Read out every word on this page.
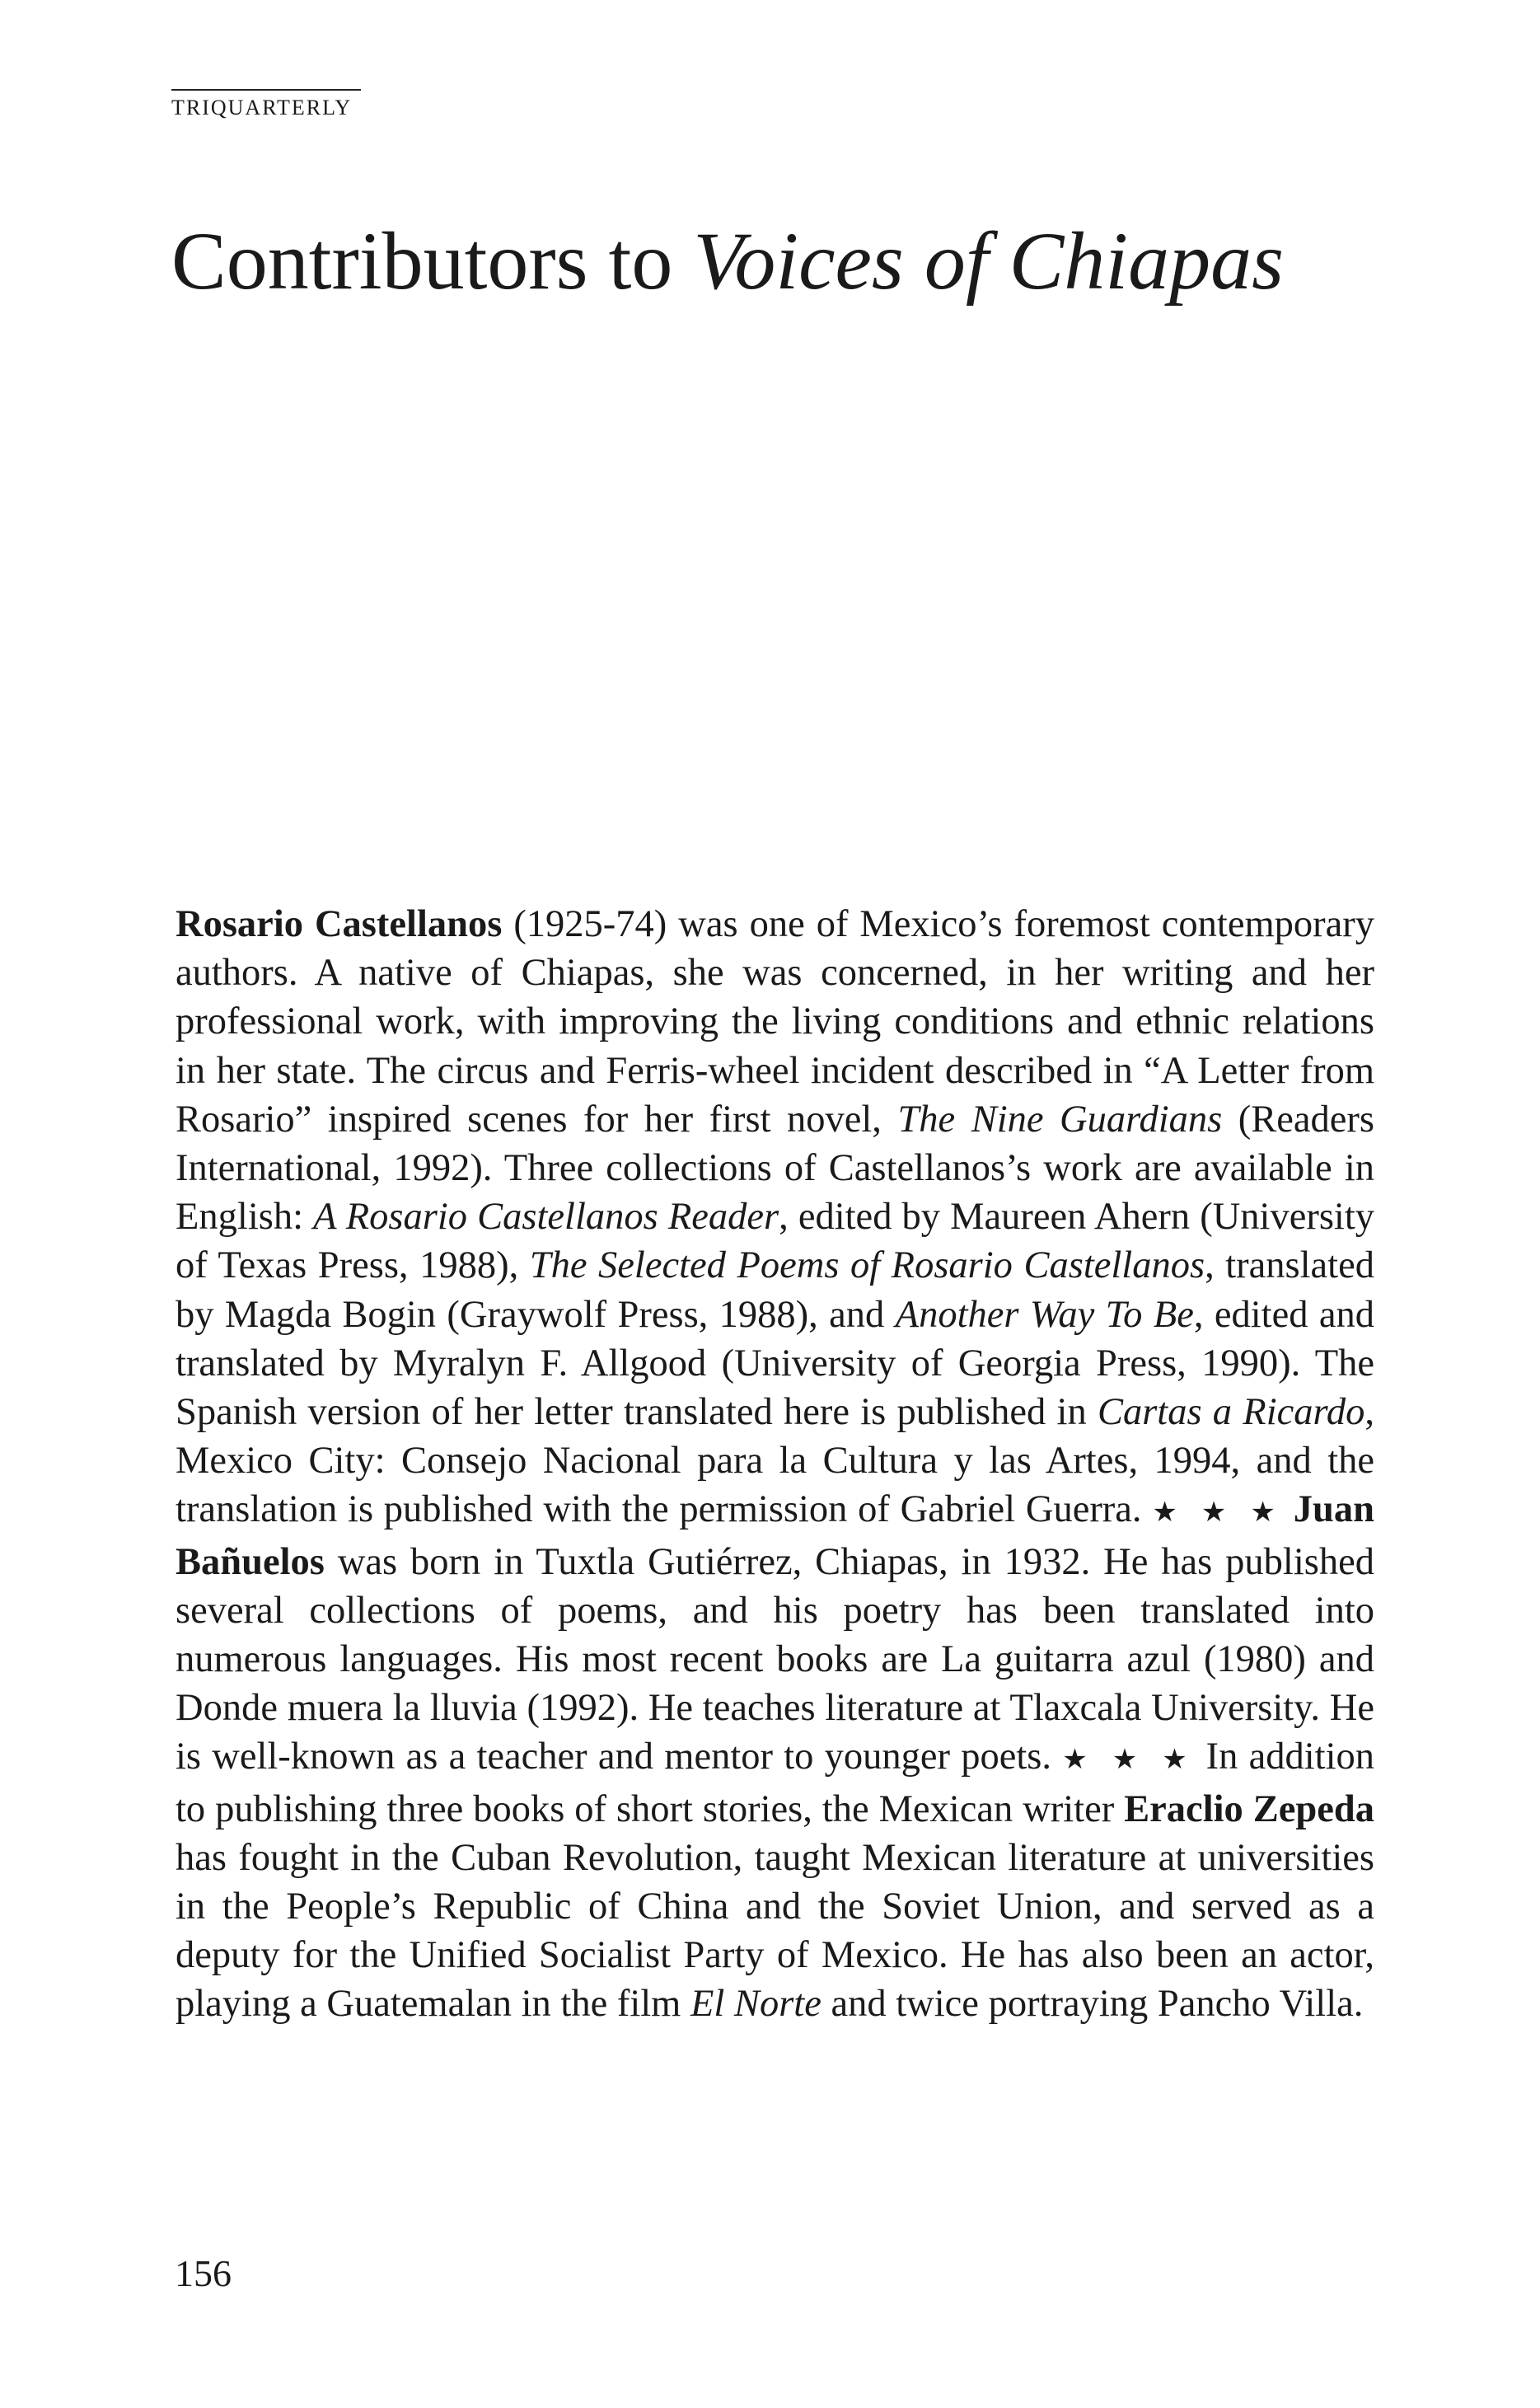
TRIQUARTERLY
Contributors to Voices of Chiapas

Rosario Castellanos (1925-74) was one of Mexico’s foremost contemporary authors. A native of Chiapas, she was concerned, in her writing and her professional work, with improving the living conditions and ethnic relations in her state. The circus and Ferris-wheel incident described in “A Letter from Rosario” inspired scenes for her first novel, The Nine Guardians (Readers International, 1992). Three collections of Castellanos’s work are available in English: A Rosario Castellanos Reader, edited by Maureen Ahern (University of Texas Press, 1988), The Selected Poems of Rosario Castellanos, translated by Magda Bogin (Graywolf Press, 1988), and Another Way To Be, edited and translated by Myralyn F. Allgood (University of Georgia Press, 1990). The Spanish version of her letter translated here is published in Cartas a Ricardo, Mexico City: Consejo Nacional para la Cultura y las Artes, 1994, and the translation is published with the permission of Gabriel Guerra. ★ ★ ★ Juan Bañuelos was born in Tuxtla Gutiérrez, Chiapas, in 1932. He has published several collections of poems, and his poetry has been translated into numerous languages. His most recent books are La guitarra azul (1980) and Donde muera la lluvia (1992). He teaches literature at Tlaxcala University. He is well-known as a teacher and mentor to younger poets. ★ ★ ★ In addition to publishing three books of short stories, the Mexican writer Eraclio Zepeda has fought in the Cuban Revolution, taught Mexican literature at universities in the People’s Republic of China and the Soviet Union, and served as a deputy for the Unified Socialist Party of Mexico. He has also been an actor, playing a Guatemalan in the film El Norte and twice portraying Pancho Villa.

156
